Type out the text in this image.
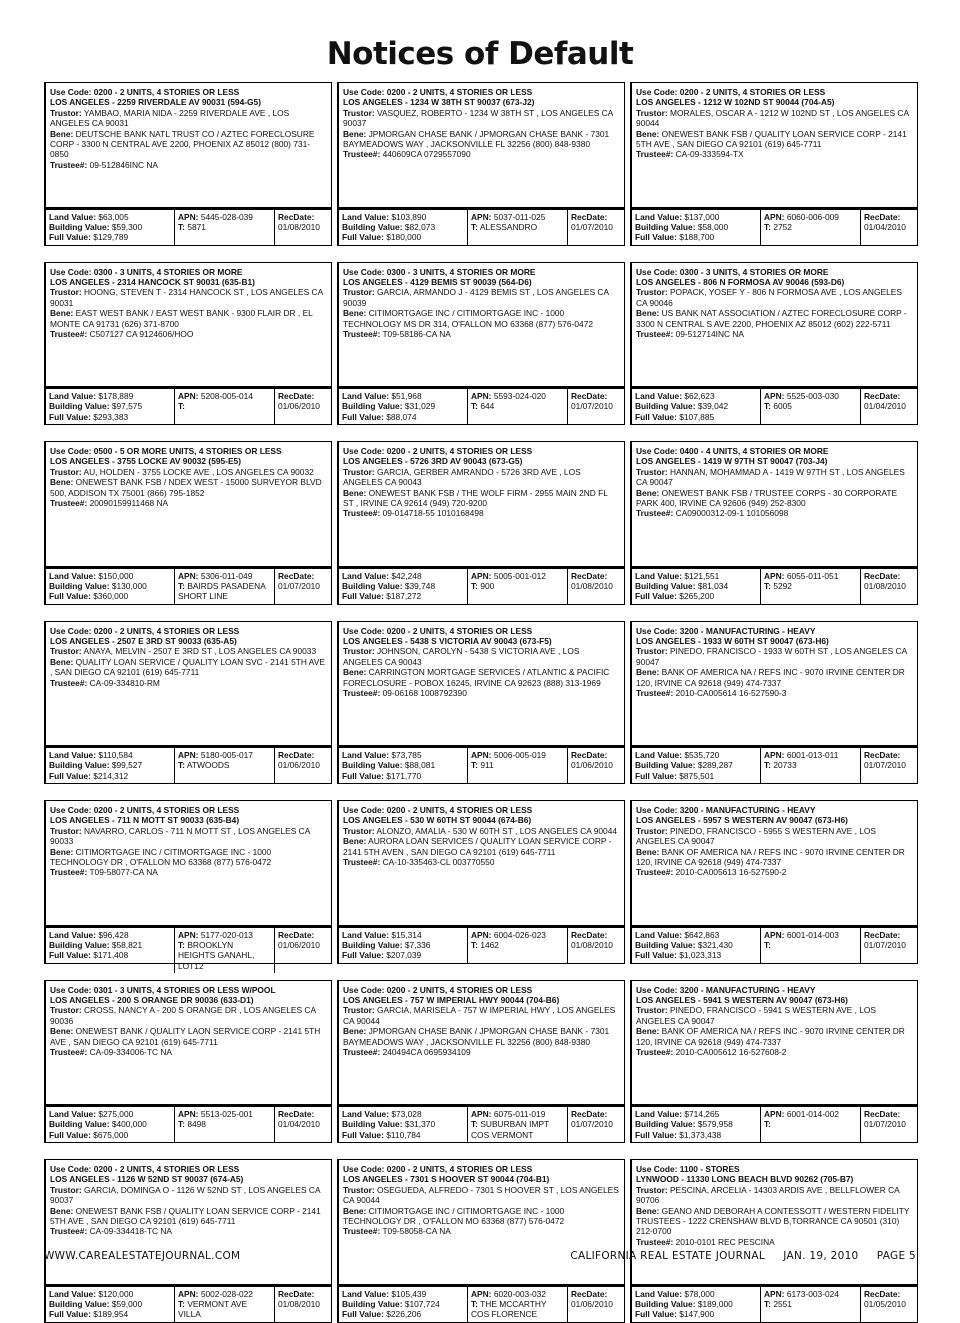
Notices of Default
Use Code: 0200 - 2 UNITS, 4 STORIES OR LESS
LOS ANGELES - 2259 RIVERDALE AV 90031 (594-G5)
Trustor: YAMBAO, MARIA NIDA - 2259 RIVERDALE AVE , LOS ANGELES CA 90031
Bene: DEUTSCHE BANK NATL TRUST CO / AZTEC FORECLOSURE CORP - 3300 N CENTRAL AVE 2200, PHOENIX AZ 85012 (800) 731-0850
Trustee#: 09-512846INC NA
Land Value: $63,005
Building Value: $59,300
Full Value: $129,789
APN: 5445-028-039
T: 5871
RecDate:
01/08/2010
Use Code: 0300 - 3 UNITS, 4 STORIES OR MORE
LOS ANGELES - 2314 HANCOCK ST 90031 (635-B1)
Trustor: HOONG, STEVEN T - 2314 HANCOCK ST , LOS ANGELES CA 90031
Bene: EAST WEST BANK / EAST WEST BANK - 9300 FLAIR DR , EL MONTE CA 91731 (626) 371-8700
Trustee#: C507127 CA 9124606/HOO
Land Value: $178,889
Building Value: $97,575
Full Value: $293,383
APN: 5208-005-014
T:
RecDate:
01/06/2010
Use Code: 0500 - 5 OR MORE UNITS, 4 STORIES OR LESS
LOS ANGELES - 3755 LOCKE AV 90032 (595-E5)
Trustor: AU, HOLDEN - 3755 LOCKE AVE , LOS ANGELES CA 90032
Bene: ONEWEST BANK FSB / NDEX WEST - 15000 SURVEYOR BLVD 500, ADDISON TX 75001 (866) 795-1852
Trustee#: 20090159911468 NA
Land Value: $150,000
Building Value: $130,000
Full Value: $360,000
APN: 5306-011-049
T: BAIRDS PASADENA SHORT LINE
RecDate:
01/07/2010
Use Code: 0200 - 2 UNITS, 4 STORIES OR LESS
LOS ANGELES - 2507 E 3RD ST 90033 (635-A5)
Trustor: ANAYA, MELVIN - 2507 E 3RD ST , LOS ANGELES CA 90033
Bene: QUALITY LOAN SERVICE / QUALITY LOAN SVC - 2141 5TH AVE , SAN DIEGO CA 92101 (619) 645-7711
Trustee#: CA-09-334810-RM
Land Value: $110,584
Building Value: $99,527
Full Value: $214,312
APN: 5180-005-017
T: ATWOODS
RecDate:
01/06/2010
Use Code: 0200 - 2 UNITS, 4 STORIES OR LESS
LOS ANGELES - 711 N MOTT ST 90033 (635-B4)
Trustor: NAVARRO, CARLOS - 711 N MOTT ST , LOS ANGELES CA 90033
Bene: CITIMORTGAGE INC / CITIMORTGAGE INC - 1000 TECHNOLOGY DR , O'FALLON MO 63368 (877) 576-0472
Trustee#: T09-58077-CA NA
Land Value: $96,428
Building Value: $58,821
Full Value: $171,408
APN: 5177-020-013
T: BROOKLYN HEIGHTS GANAHL, LOT12
RecDate:
01/06/2010
Use Code: 0301 - 3 UNITS, 4 STORIES OR LESS W/POOL
LOS ANGELES - 200 S ORANGE DR 90036 (633-D1)
Trustor: CROSS, NANCY A - 200 S ORANGE DR , LOS ANGELES CA 90036
Bene: ONEWEST BANK / QUALITY LAON SERVICE CORP - 2141 5TH AVE , SAN DIEGO CA 92101 (619) 645-7711
Trustee#: CA-09-334006-TC NA
Land Value: $275,000
Building Value: $400,000
Full Value: $675,000
APN: 5513-025-001
T: 8498
RecDate:
01/04/2010
Use Code: 0200 - 2 UNITS, 4 STORIES OR LESS
LOS ANGELES - 1126 W 52ND ST 90037 (674-A5)
Trustor: GARCIA, DOMINGA O - 1126 W 52ND ST , LOS ANGELES CA 90037
Bene: ONEWEST BANK FSB / QUALITY LOAN SERVICE CORP - 2141 5TH AVE , SAN DIEGO CA 92101 (619) 645-7711
Trustee#: CA-09-334418-TC NA
Land Value: $120,000
Building Value: $59,000
Full Value: $189,954
APN: 5002-028-022
T: VERMONT AVE VILLA
RecDate:
01/08/2010
Use Code: 0200 - 2 UNITS, 4 STORIES OR LESS
LOS ANGELES - 1234 W 38TH ST 90037 (673-J2)
Trustor: VASQUEZ, ROBERTO - 1234 W 38TH ST , LOS ANGELES CA 90037
Bene: JPMORGAN CHASE BANK / JPMORGAN CHASE BANK - 7301 BAYMEADOWS WAY , JACKSONVILLE FL 32256 (800) 848-9380
Trustee#: 440609CA 0729557090
Land Value: $103,890
Building Value: $82,073
Full Value: $180,000
APN: 5037-011-025
T: ALESSANDRO
RecDate:
01/07/2010
Use Code: 0300 - 3 UNITS, 4 STORIES OR MORE
LOS ANGELES - 4129 BEMIS ST 90039 (564-D6)
Trustor: GARCIA, ARMANDO J - 4129 BEMIS ST , LOS ANGELES CA 90039
Bene: CITIMORTGAGE INC / CITIMORTGAGE INC - 1000 TECHNOLOGY MS DR 314, O'FALLON MO 63368 (877) 576-0472
Trustee#: T09-58186-CA NA
Land Value: $51,968
Building Value: $31,029
Full Value: $88,074
APN: 5593-024-020
T: 644
RecDate:
01/07/2010
Use Code: 0200 - 2 UNITS, 4 STORIES OR LESS
LOS ANGELES - 5726 3RD AV 90043 (673-G5)
Trustor: GARCIA, GERBER AMRANDO - 5726 3RD AVE , LOS ANGELES CA 90043
Bene: ONEWEST BANK FSB / THE WOLF FIRM - 2955 MAIN 2ND FL ST , IRVINE CA 92614 (949) 720-9200
Trustee#: 09-014718-55 1010168498
Land Value: $42,248
Building Value: $39,748
Full Value: $187,272
APN: 5005-001-012
T: 900
RecDate:
01/08/2010
Use Code: 0200 - 2 UNITS, 4 STORIES OR LESS
LOS ANGELES - 5438 S VICTORIA AV 90043 (673-F5)
Trustor: JOHNSON, CAROLYN - 5438 S VICTORIA AVE , LOS ANGELES CA 90043
Bene: CARRINGTON MORTGAGE SERVICES / ATLANTIC & PACIFIC FORECLOSURE - POBOX 16245, IRVINE CA 92623 (888) 313-1969
Trustee#: 09-06168 1008792390
Land Value: $73,785
Building Value: $88,081
Full Value: $171,770
APN: 5006-005-019
T: 911
RecDate:
01/06/2010
Use Code: 0200 - 2 UNITS, 4 STORIES OR LESS
LOS ANGELES - 530 W 60TH ST 90044 (674-B6)
Trustor: ALONZO, AMALIA - 530 W 60TH ST , LOS ANGELES CA 90044
Bene: AURORA LOAN SERVICES / QUALITY LOAN SERVICE CORP - 2141 5TH AVEN , SAN DIEGO CA 92101 (619) 645-7711
Trustee#: CA-10-335463-CL 003770550
Land Value: $15,314
Building Value: $7,336
Full Value: $207,039
APN: 6004-026-023
T: 1462
RecDate:
01/08/2010
Use Code: 0200 - 2 UNITS, 4 STORIES OR LESS
LOS ANGELES - 757 W IMPERIAL HWY 90044 (704-B6)
Trustor: GARCIA, MARISELA - 757 W IMPERIAL HWY , LOS ANGELES CA 90044
Bene: JPMORGAN CHASE BANK / JPMORGAN CHASE BANK - 7301 BAYMEADOWS WAY , JACKSONVILLE FL 32256 (800) 848-9380
Trustee#: 240494CA 0695934109
Land Value: $73,028
Building Value: $31,370
Full Value: $110,784
APN: 6075-011-019
T: SUBURBAN IMPT COS VERMONT
RecDate:
01/07/2010
Use Code: 0200 - 2 UNITS, 4 STORIES OR LESS
LOS ANGELES - 7301 S HOOVER ST 90044 (704-B1)
Trustor: OSEGUEDA, ALFREDO - 7301 S HOOVER ST , LOS ANGELES CA 90044
Bene: CITIMORTGAGE INC / CITIMORTGAGE INC - 1000 TECHNOLOGY DR , O'FALLON MO 63368 (877) 576-0472
Trustee#: T09-58058-CA NA
Land Value: $105,439
Building Value: $107,724
Full Value: $226,206
APN: 6020-003-032
T: THE MCCARTHY COS FLORENCE
RecDate:
01/06/2010
Use Code: 0200 - 2 UNITS, 4 STORIES OR LESS
LOS ANGELES - 1212 W 102ND ST 90044 (704-A5)
Trustor: MORALES, OSCAR A - 1212 W 102ND ST , LOS ANGELES CA 90044
Bene: ONEWEST BANK FSB / QUALITY LOAN SERVICE CORP - 2141 5TH AVE , SAN DIEGO CA 92101 (619) 645-7711
Trustee#: CA-09-333594-TX
Land Value: $137,000
Building Value: $58,000
Full Value: $188,700
APN: 6060-006-009
T: 2752
RecDate:
01/04/2010
Use Code: 0300 - 3 UNITS, 4 STORIES OR MORE
LOS ANGELES - 806 N FORMOSA AV 90046 (593-D6)
Trustor: POPACK, YOSEF Y - 806 N FORMOSA AVE , LOS ANGELES CA 90046
Bene: US BANK NAT ASSOCIATION / AZTEC FORECLOSURE CORP - 3300 N CENTRAL S AVE 2200, PHOENIX AZ 85012 (602) 222-5711
Trustee#: 09-512714INC NA
Land Value: $62,623
Building Value: $39,042
Full Value: $107,885
APN: 5525-003-030
T: 6005
RecDate:
01/04/2010
Use Code: 0400 - 4 UNITS, 4 STORIES OR MORE
LOS ANGELES - 1419 W 97TH ST 90047 (703-J4)
Trustor: HANNAN, MOHAMMAD A - 1419 W 97TH ST , LOS ANGELES CA 90047
Bene: ONEWEST BANK FSB / TRUSTEE CORPS - 30 CORPORATE PARK 400, IRVINE CA 92606 (949) 252-8300
Trustee#: CA09000312-09-1 101056098
Land Value: $121,551
Building Value: $81,034
Full Value: $265,200
APN: 6055-011-051
T: 5292
RecDate:
01/08/2010
Use Code: 3200 - MANUFACTURING - HEAVY
LOS ANGELES - 1933 W 60TH ST 90047 (673-H6)
Trustor: PINEDO, FRANCISCO - 1933 W 60TH ST , LOS ANGELES CA 90047
Bene: BANK OF AMERICA NA / REFS INC - 9070 IRVINE CENTER DR 120, IRVINE CA 92618 (949) 474-7337
Trustee#: 2010-CA005614 16-527590-3
Land Value: $535,720
Building Value: $289,287
Full Value: $875,501
APN: 6001-013-011
T: 20733
RecDate:
01/07/2010
Use Code: 3200 - MANUFACTURING - HEAVY
LOS ANGELES - 5957 S WESTERN AV 90047 (673-H6)
Trustor: PINEDO, FRANCISCO - 5955 S WESTERN AVE , LOS ANGELES CA 90047
Bene: BANK OF AMERICA NA / REFS INC - 9070 IRVINE CENTER DR 120, IRVINE CA 92618 (949) 474-7337
Trustee#: 2010-CA005613 16-527590-2
Land Value: $642,863
Building Value: $321,430
Full Value: $1,023,313
APN: 6001-014-003
T:
RecDate:
01/07/2010
Use Code: 3200 - MANUFACTURING - HEAVY
LOS ANGELES - 5941 S WESTERN AV 90047 (673-H6)
Trustor: PINEDO, FRANCISCO - 5941 S WESTERN AVE , LOS ANGELES CA 90047
Bene: BANK OF AMERICA NA / REFS INC - 9070 IRVINE CENTER DR 120, IRVINE CA 92618 (949) 474-7337
Trustee#: 2010-CA005612 16-527608-2
Land Value: $714,265
Building Value: $579,958
Full Value: $1,373,438
APN: 6001-014-002
T:
RecDate:
01/07/2010
Use Code: 1100 - STORES
LYNWOOD - 11330 LONG BEACH BLVD 90262 (705-B7)
Trustor: PESCINA, ARCELIA - 14303 ARDIS AVE , BELLFLOWER CA 90706
Bene: GEANO AND DEBORAH A CONTESSOTT / WESTERN FIDELITY TRUSTEES - 1222 CRENSHAW BLVD B,TORRANCE CA 90501 (310) 212-0700
Trustee#: 2010-0101 REC PESCINA
Land Value: $78,000
Building Value: $189,000
Full Value: $147,900
APN: 6173-003-024
T: 2551
RecDate:
01/05/2010
WWW.CAREALESTATEJOURNAL.COM	CALIFORNIA REAL ESTATE JOURNAL JAN. 19, 2010 PAGE 5
